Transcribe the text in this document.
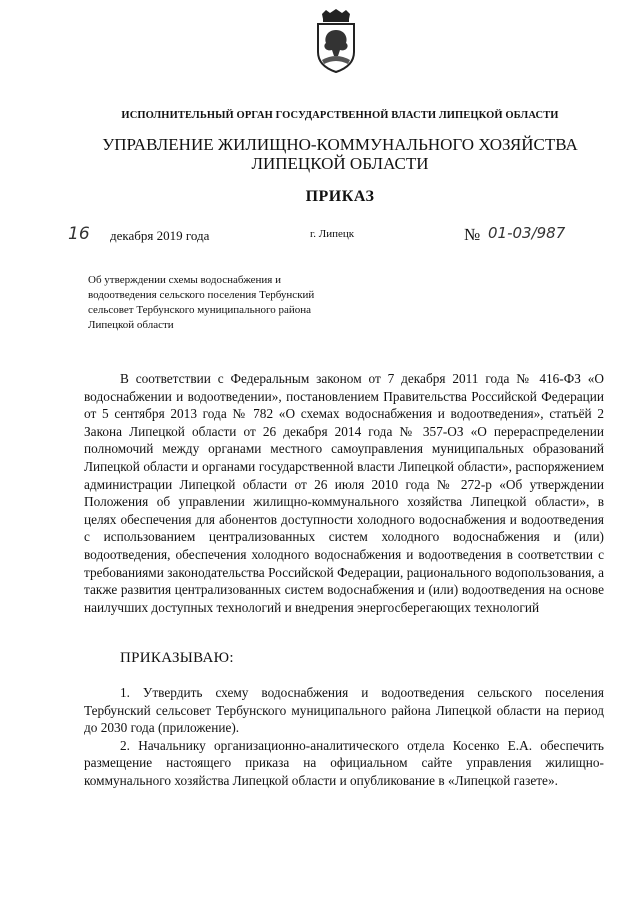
ИСПОЛНИТЕЛЬНЫЙ ОРГАН ГОСУДАРСТВЕННОЙ ВЛАСТИ ЛИПЕЦКОЙ ОБЛАСТИ
УПРАВЛЕНИЕ ЖИЛИЩНО-КОММУНАЛЬНОГО ХОЗЯЙСТВА
ЛИПЕЦКОЙ ОБЛАСТИ
ПРИКАЗ
16 декабря 2019 года	г. Липецк	№ 01-03/987
Об утверждении схемы водоснабжения и
водоотведения сельского поселения Тербунский
сельсовет Тербунского муниципального района
Липецкой области

В соответствии с Федеральным законом от 7 декабря 2011 года № 416-ФЗ «О водоснабжении и водоотведении», постановлением Правительства Российской Федерации от 5 сентября 2013 года № 782 «О схемах водоснабжения и водоотведения», статьёй 2 Закона Липецкой области от 26 декабря 2014 года № 357-ОЗ «О перераспределении полномочий между органами местного самоуправления муниципальных образований Липецкой области и органами государственной власти Липецкой области», распоряжением администрации Липецкой области от 26 июля 2010 года № 272-р «Об утверждении Положения об управлении жилищно-коммунального хозяйства Липецкой области», в целях обеспечения для абонентов доступности холодного водоснабжения и водоотведения с использованием централизованных систем холодного водоснабжения и (или) водоотведения, обеспечения холодного водоснабжения и водоотведения в соответствии с требованиями законодательства Российской Федерации, рационального водопользования, а также развития централизованных систем водоснабжения и (или) водоотведения на основе наилучших доступных технологий и внедрения энергосберегающих технологий

ПРИКАЗЫВАЮ:

1. Утвердить схему водоснабжения и водоотведения сельского поселения Тербунский сельсовет Тербунского муниципального района Липецкой области на период до 2030 года (приложение).

2. Начальнику организационно-аналитического отдела Косенко Е.А. обеспечить размещение настоящего приказа на официальном сайте управления жилищно-коммунального хозяйства Липецкой области и опубликование в «Липецкой газете».
